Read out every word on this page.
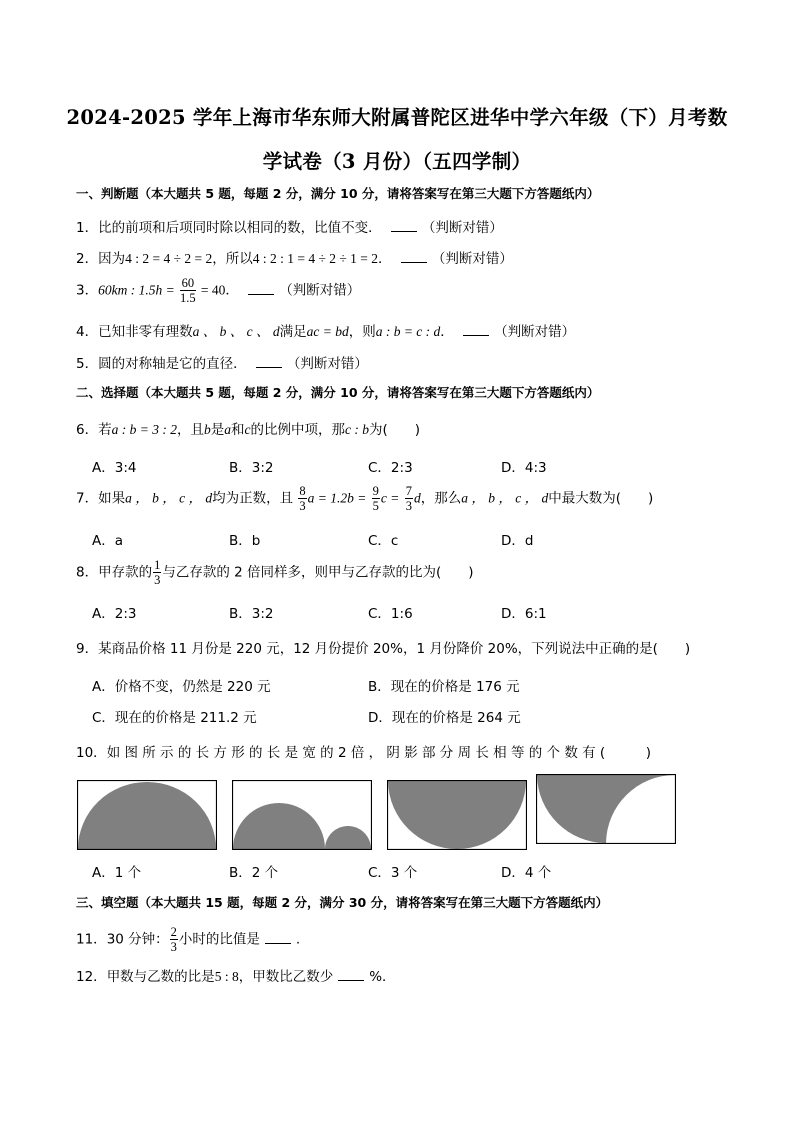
2024-2025 学年上海市华东师大附属普陀区进华中学六年级（下）月考数
学试卷（3 月份）（五四学制）
一、判断题（本大题共 5 题，每题 2 分，满分 10 分，请将答案写在第三大题下方答题纸内）
1．比的前项和后项同时除以相同的数，比值不变．	（判断对错）
2．因为4 : 2 = 4 ÷ 2 = 2，所以4 : 2 : 1 = 4 ÷ 2 ÷ 1 = 2．	（判断对错）
3．60km : $1.5h = \frac{60}{1.5} = 40$．	（判断对错）
4．已知非零有理数a 、 b 、 c 、 d满足ac = bd，则a : b = c : d．	（判断对错）
5．圆的对称轴是它的直径．	（判断对错）
二、选择题（本大题共 5 题，每题 2 分，满分 10 分，请将答案写在第三大题下方答题纸内）
6．若a : b = 3 : 2，且b是a和c的比例中项，那c : b为(　　)
A．3:4	B．3:2	C．2:3	D．4:3
7．如果a ， b ， c ， d均为正数，且 $\frac{8}{3}$ $a = 1.2b = \frac{9}{5}$ $c = \frac{7}{3}$ d，那么a ， b ， c ， d中最大数为(　　)
A．a	B．b	C．c	D．d
8．甲存款的 $\frac{1}{3}$ 与乙存款的 2 倍同样多，则甲与乙存款的比为(　　)
A．2:3	B．3:2	C．1:6	D．6:1
9．某商品价格 11 月份是 220 元，12 月份提价 20%，1 月份降价 20%，下列说法中正确的是(　　)
A．价格不变，仍然是 220 元	B．现在的价格是 176 元
C．现在的价格是 211.2 元	D．现在的价格是 264 元
10．如 图 所 示 的 长 方 形 的 长 是 宽 的 2 倍 ， 阴 影 部 分 周 长 相 等 的 个 数 有 (　　　)
A．1 个	B．2 个	C．3 个	D．4 个
三、填空题（本大题共 15 题，每题 2 分，满分 30 分，请将答案写在第三大题下方答题纸内）
11．30 分钟： $\frac{2}{3}$ 小时的比值是	.
12．甲数与乙数的比是5 : 8，甲数比乙数少	%．
